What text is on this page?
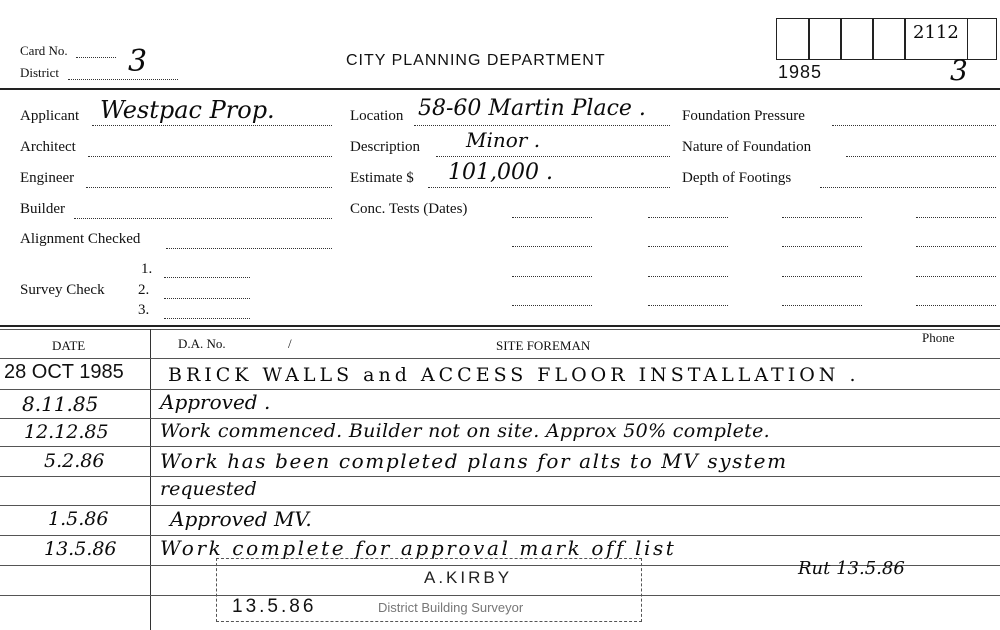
Card No.
District 3	CITY PLANNING DEPARTMENT
2112
1985	3
Applicant Westpac Prop.
Architect
Engineer
Builder
Alignment Checked
1.
Survey Check 2.
3.
Location 58-60 Martin Place .
Description Minor .
Estimate $ 101,000 .
Conc. Tests (Dates)
Foundation Pressure
Nature of Foundation
Depth of Footings
DATE	D.A. No.	/	SITE FOREMAN
Phone
28 OCT 1985 BRICK WALLS and ACCESS FLOOR INSTALLATION .
8.11.85	Approved .
12.12.85	Work commenced. Builder not on site. Approx 50% complete.
5.2.86	Work has been completed plans for alts to MV system
requested
1.5.86	Approved MV.
13.5.86 Work complete for approval mark off list
A.KIRBY
13.5.86	District Building Surveyor
Rut 13.5.86
